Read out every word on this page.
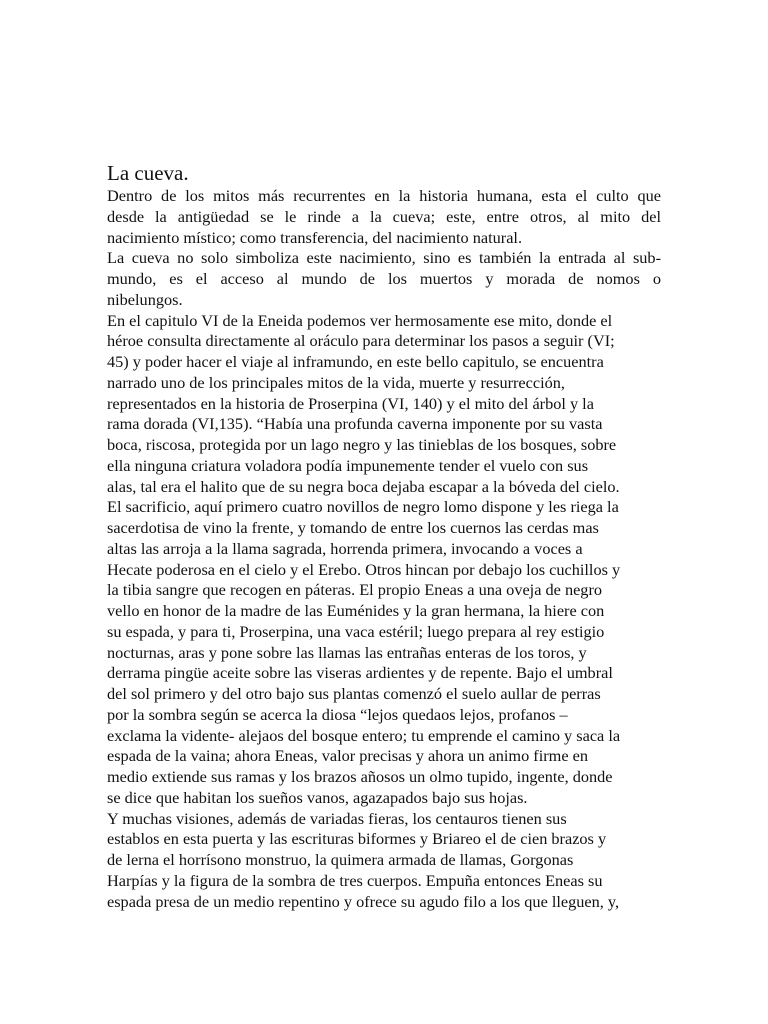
La cueva.
Dentro de los mitos más recurrentes en la historia humana, esta el culto que
desde la antigüedad se le rinde a la cueva; este, entre otros, al mito del
nacimiento místico; como transferencia, del nacimiento natural.
La cueva no solo simboliza este nacimiento, sino es también la entrada al sub-
mundo, es el acceso al mundo de los muertos y morada de nomos o
nibelungos.
En el capitulo VI de la Eneida podemos ver hermosamente ese mito, donde el
héroe consulta directamente al oráculo para determinar los pasos a seguir (VI;
45) y poder hacer el viaje al inframundo, en este bello capitulo, se encuentra
narrado uno de los principales mitos de la vida, muerte y resurrección,
representados en la historia de Proserpina (VI, 140) y el mito del árbol y la
rama dorada (VI,135). “Había una profunda caverna imponente por su vasta
boca, riscosa, protegida por un lago negro y las tinieblas de los bosques, sobre
ella ninguna criatura voladora podía impunemente tender el vuelo con sus
alas, tal era el halito que de su negra boca dejaba escapar a la bóveda del cielo.
El sacrificio, aquí primero cuatro novillos de negro lomo dispone y les riega la
sacerdotisa de vino la frente, y tomando de entre los cuernos las cerdas mas
altas las arroja a la llama sagrada, horrenda primera, invocando a voces a
Hecate poderosa en el cielo y el Erebo. Otros hincan por debajo los cuchillos y
la tibia sangre que recogen en páteras. El propio Eneas a una oveja de negro
vello en honor de la madre de las Euménides y la gran hermana, la hiere con
su espada, y para ti, Proserpina, una vaca estéril; luego prepara al rey estigio
nocturnas, aras y pone sobre las llamas las entrañas enteras de los toros, y
derrama pingüe aceite sobre las viseras ardientes y de repente. Bajo el umbral
del sol primero y del otro bajo sus plantas comenzó el suelo aullar de perras
por la sombra según se acerca la diosa “lejos quedaos lejos, profanos –
exclama la vidente- alejaos del bosque entero; tu emprende el camino y saca la
espada de la vaina; ahora Eneas, valor precisas y ahora un animo firme en
medio extiende sus ramas y los brazos añosos un olmo tupido, ingente, donde
se dice que habitan los sueños vanos, agazapados bajo sus hojas.
Y muchas visiones, además de variadas fieras, los centauros tienen sus
establos en esta puerta y las escrituras biformes y Briareo el de cien brazos y
de lerna el horrísono monstruo, la quimera armada de llamas, Gorgonas
Harpías y la figura de la sombra de tres cuerpos. Empuña entonces Eneas su
espada presa de un medio repentino y ofrece su agudo filo a los que lleguen, y,
